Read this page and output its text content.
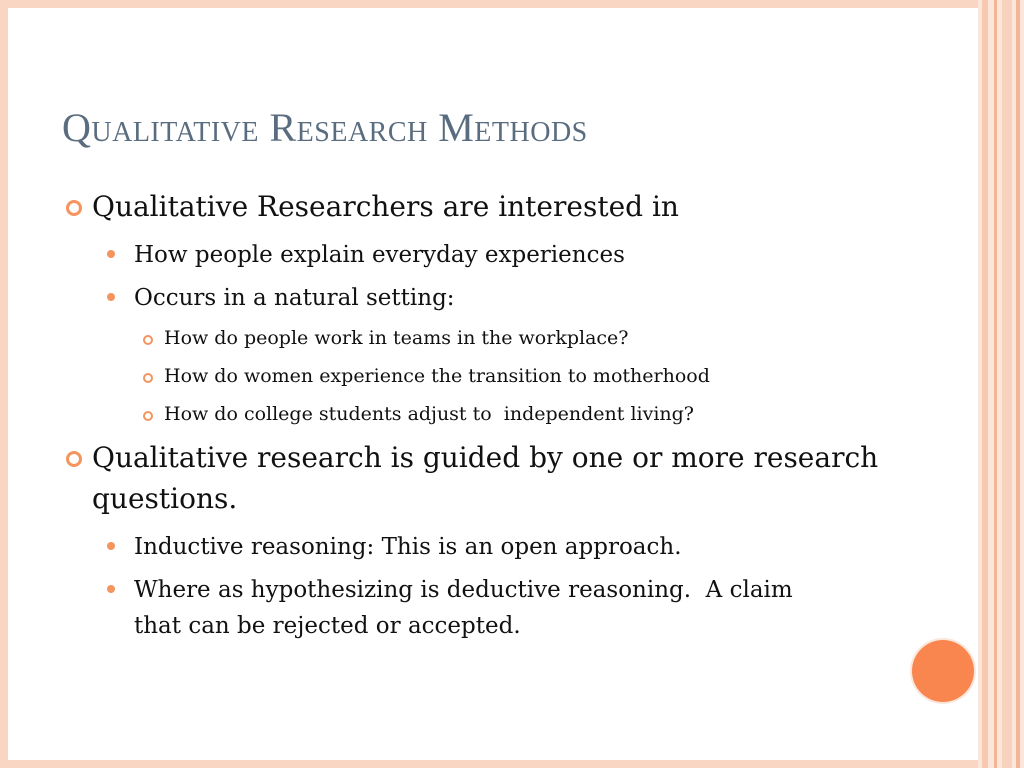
Qualitative Research Methods
Qualitative Researchers are interested in
How people explain everyday experiences
Occurs in a natural setting:
How do people work in teams in the workplace?
How do women experience the transition to motherhood
How do college students adjust to  independent living?
Qualitative research is guided by one or more research questions.
Inductive reasoning: This is an open approach.
Where as hypothesizing is deductive reasoning.  A claim that can be rejected or accepted.
